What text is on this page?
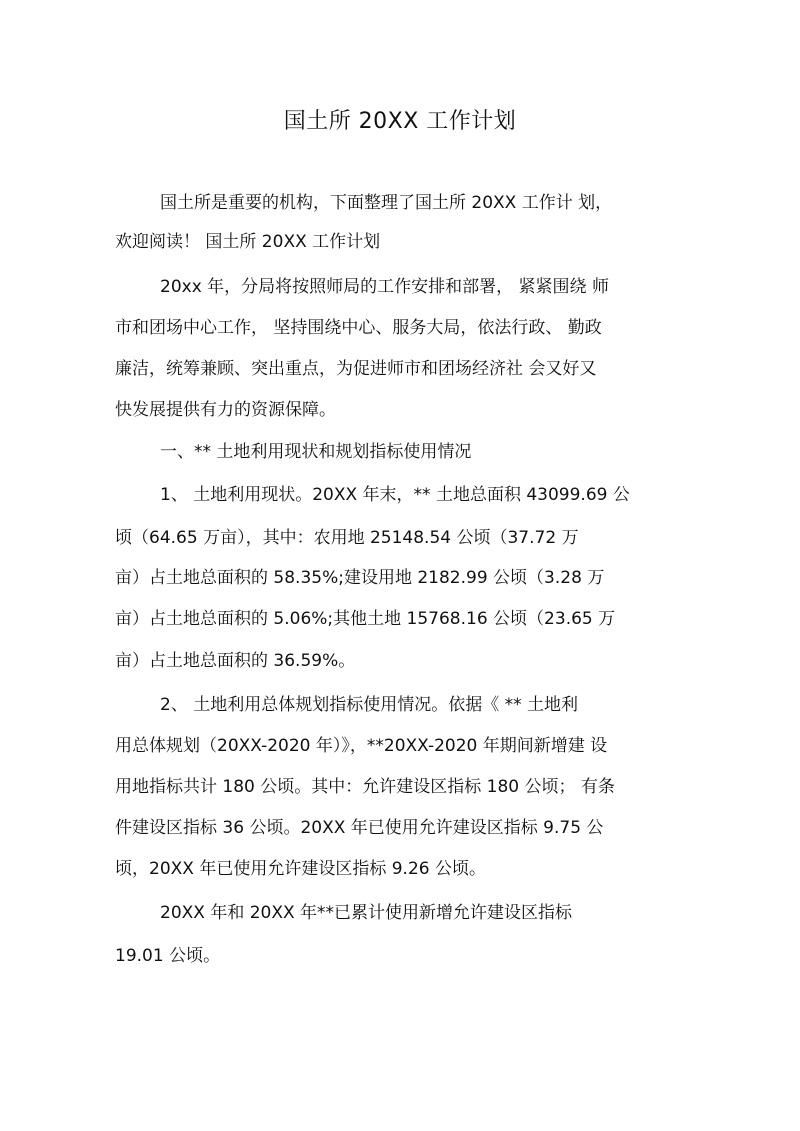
国土所 20XX 工作计划

国土所是重要的机构，下面整理了国土所 20XX 工作计 划，

欢迎阅读！ 国土所 20XX 工作计划

20xx 年，分局将按照师局的工作安排和部署， 紧紧围绕 师

市和团场中心工作， 坚持围绕中心、服务大局，依法行政、 勤政

廉洁，统筹兼顾、突出重点，为促进师市和团场经济社 会又好又

快发展提供有力的资源保障。

一、** 土地利用现状和规划指标使用情况

1、 土地利用现状。20XX 年末，** 土地总面积 43099.69 公

顷（64.65 万亩），其中：农用地 25148.54 公顷（37.72 万

亩）占土地总面积的 58.35%;建设用地 2182.99 公顷（3.28 万

亩）占土地总面积的 5.06%;其他土地 15768.16 公顷（23.65 万

亩）占土地总面积的 36.59%。

2、 土地利用总体规划指标使用情况。依据《 ** 土地利

用总体规划（20XX-2020 年）》，**20XX-2020 年期间新增建 设

用地指标共计 180 公顷。其中：允许建设区指标 180 公顷； 有条

件建设区指标 36 公顷。20XX 年已使用允许建设区指标 9.75 公

顷，20XX 年已使用允许建设区指标 9.26 公顷。

20XX 年和 20XX 年**已累计使用新增允许建设区指标

19.01 公顷。
